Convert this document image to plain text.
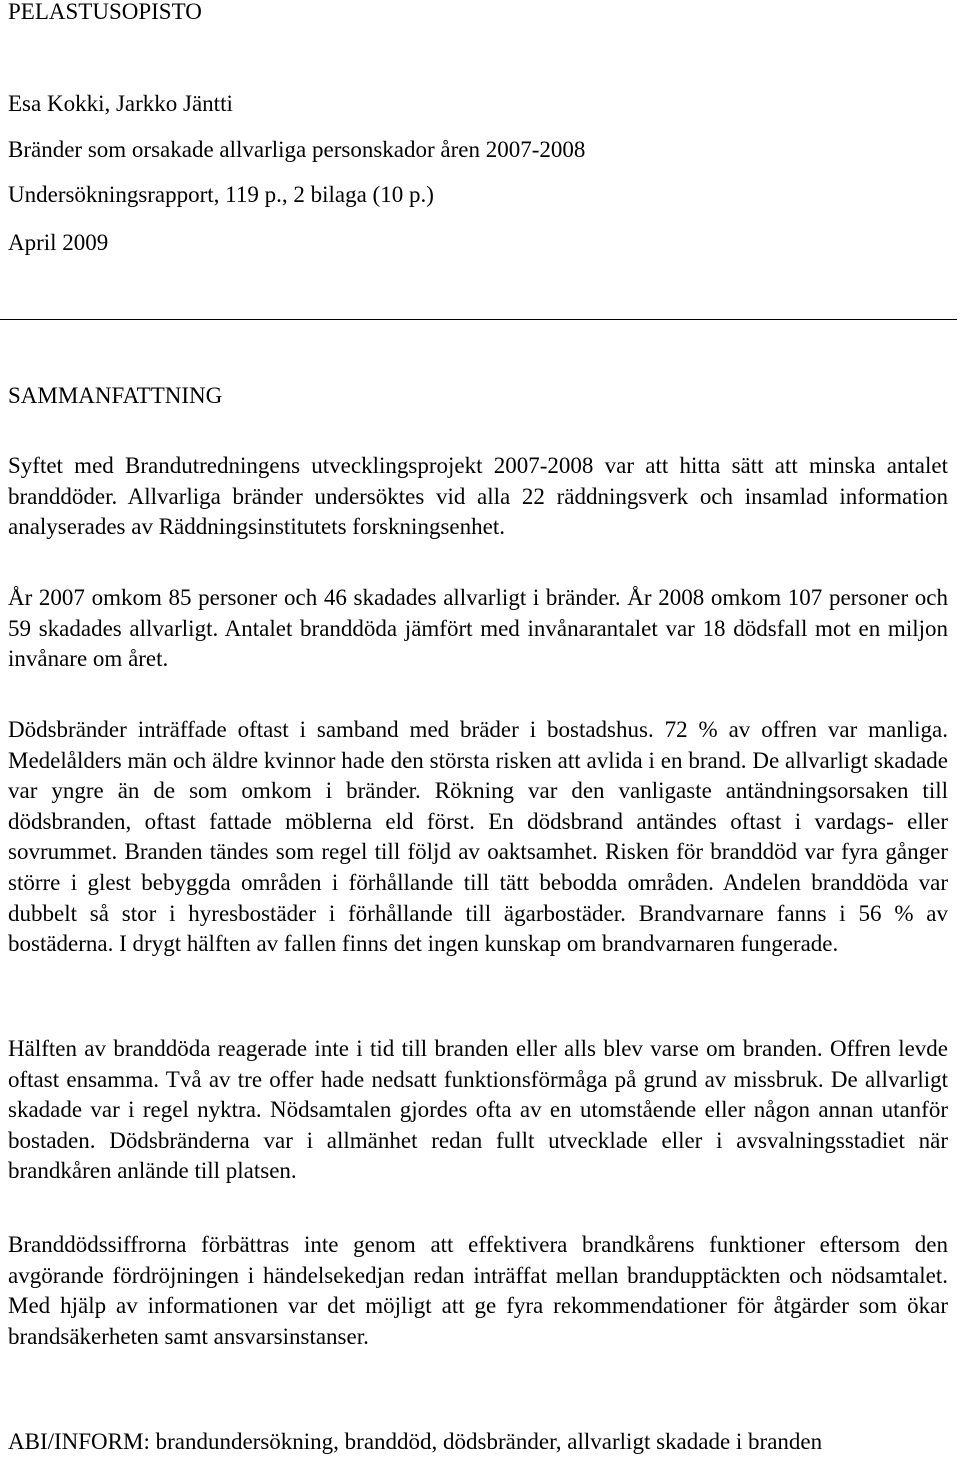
PELASTUSOPISTO
Esa Kokki, Jarkko Jäntti
Bränder som orsakade allvarliga personskador åren 2007-2008
Undersökningsrapport, 119 p., 2 bilaga (10 p.)
April 2009
SAMMANFATTNING

Syftet med Brandutredningens utvecklingsprojekt 2007-2008 var att hitta sätt att minska antalet branddöder. Allvarliga bränder undersöktes vid alla 22 räddningsverk och insamlad information analyserades av Räddningsinstitutets forskningsenhet.

År 2007 omkom 85 personer och 46 skadades allvarligt i bränder. År 2008 omkom 107 personer och 59 skadades allvarligt. Antalet branddöda jämfört med invånarantalet var 18 dödsfall mot en miljon invånare om året.

Dödsbränder inträffade oftast i samband med bräder i bostadshus. 72 % av offren var manliga. Medelålders män och äldre kvinnor hade den största risken att avlida i en brand. De allvarligt skadade var yngre än de som omkom i bränder. Rökning var den vanligaste antändningsorsaken till dödsbranden, oftast fattade möblerna eld först. En dödsbrand antändes oftast i vardags- eller sovrummet. Branden tändes som regel till följd av oaktsamhet. Risken för branddöd var fyra gånger större i glest bebyggda områden i förhållande till tätt bebodda områden. Andelen branddöda var dubbelt så stor i hyresbostäder i förhållande till ägarbostäder. Brandvarnare fanns i 56 % av bostäderna. I drygt hälften av fallen finns det ingen kunskap om brandvarnaren fungerade.

Hälften av branddöda reagerade inte i tid till branden eller alls blev varse om branden. Offren levde oftast ensamma. Två av tre offer hade nedsatt funktionsförmåga på grund av missbruk. De allvarligt skadade var i regel nyktra. Nödsamtalen gjordes ofta av en utomstående eller någon annan utanför bostaden. Dödsbränderna var i allmänhet redan fullt utvecklade eller i avsvalningsstadiet när brandkåren anlände till platsen.

Branddödssiffrorna förbättras inte genom att effektivera brandkårens funktioner eftersom den avgörande fördröjningen i händelsekedjan redan inträffat mellan brandupptäckten och nödsamtalet. Med hjälp av informationen var det möjligt att ge fyra rekommendationer för åtgärder som ökar brandsäkerheten samt ansvarsinstanser.

ABI/INFORM: brandundersökning, branddöd, dödsbränder, allvarligt skadade i branden
